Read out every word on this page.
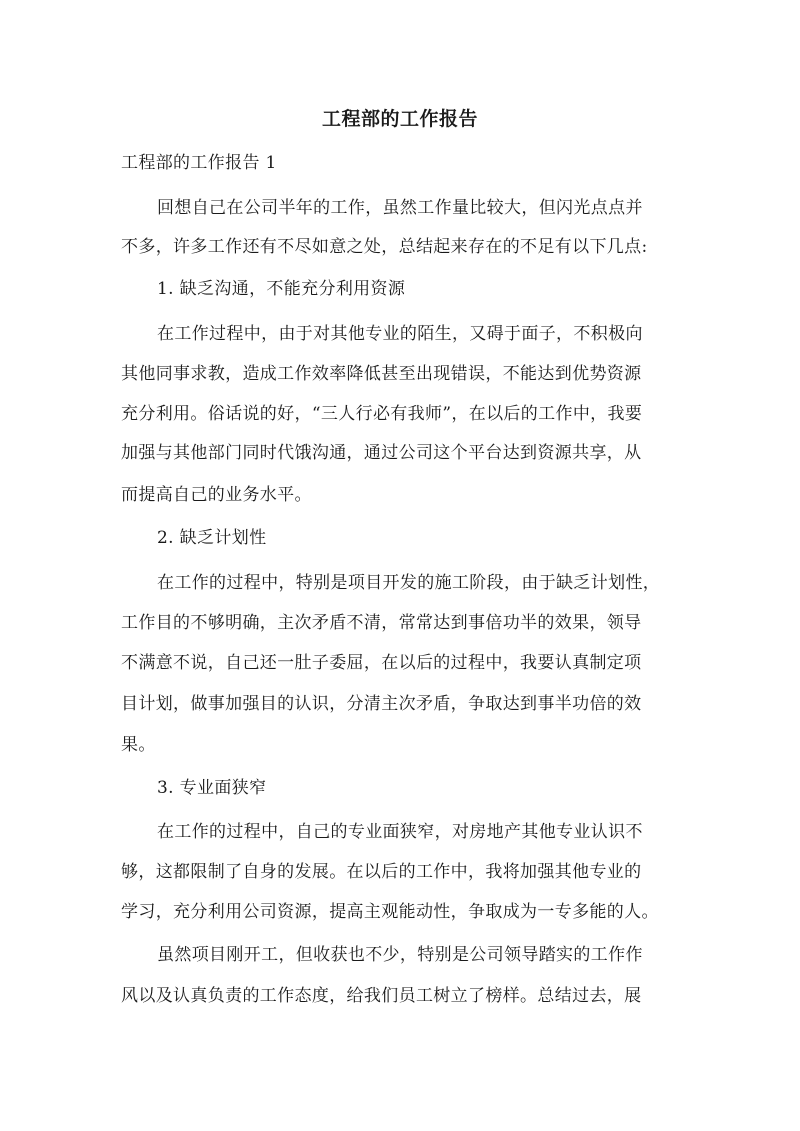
工程部的工作报告

工程部的工作报告 1

回想自己在公司半年的工作，虽然工作量比较大，但闪光点点并

不多，许多工作还有不尽如意之处，总结起来存在的不足有以下几点:

1. 缺乏沟通，不能充分利用资源

在工作过程中，由于对其他专业的陌生，又碍于面子，不积极向

其他同事求教，造成工作效率降低甚至出现错误，不能达到优势资源

充分利用。俗话说的好，“三人行必有我师”，在以后的工作中，我要

加强与其他部门同时代饿沟通，通过公司这个平台达到资源共享，从

而提高自己的业务水平。

2. 缺乏计划性

在工作的过程中，特别是项目开发的施工阶段，由于缺乏计划性，

工作目的不够明确，主次矛盾不清，常常达到事倍功半的效果，领导

不满意不说，自己还一肚子委屈，在以后的过程中，我要认真制定项

目计划，做事加强目的认识，分清主次矛盾，争取达到事半功倍的效

果。

3. 专业面狭窄

在工作的过程中，自己的专业面狭窄，对房地产其他专业认识不

够，这都限制了自身的发展。在以后的工作中，我将加强其他专业的

学习，充分利用公司资源，提高主观能动性，争取成为一专多能的人。

虽然项目刚开工，但收获也不少，特别是公司领导踏实的工作作

风以及认真负责的工作态度，给我们员工树立了榜样。总结过去，展
